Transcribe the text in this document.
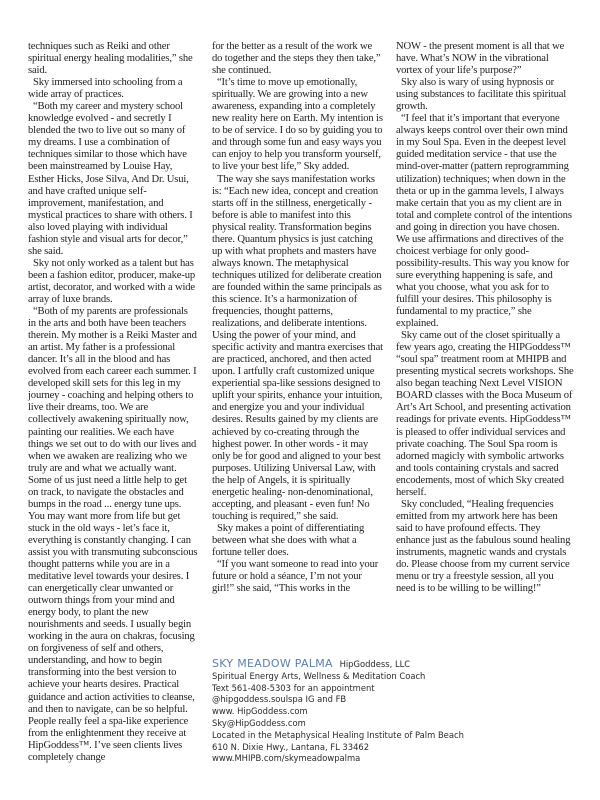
techniques such as Reiki and other spiritual energy healing modalities,” she said.

Sky immersed into schooling from a wide array of practices.

“Both my career and mystery school knowledge evolved - and secretly I blended the two to live out so many of my dreams. I use a combination of techniques similar to those which have been mainstreamed by Louise Hay, Esther Hicks, Jose Silva, And Dr. Usui, and have crafted unique self-improvement, manifestation, and mystical practices to share with others. I also loved playing with individual fashion style and visual arts for decor,” she said.

Sky not only worked as a talent but has been a fashion editor, producer, make-up artist, decorator, and worked with a wide array of luxe brands.

“Both of my parents are professionals in the arts and both have been teachers therein. My mother is a Reiki Master and an artist. My father is a professional dancer. It’s all in the blood and has evolved from each career each summer. I developed skill sets for this leg in my journey - coaching and helping others to live their dreams, too. We are collectively awakening spiritually now, painting our realities. We each have things we set out to do with our lives and when we awaken are realizing who we truly are and what we actually want. Some of us just need a little help to get on track, to navigate the obstacles and bumps in the road ... energy tune ups. You may want more from life but get stuck in the old ways - let’s face it, everything is constantly changing. I can assist you with transmuting subconscious thought patterns while you are in a meditative level towards your desires. I can energetically clear unwanted or outworn things from your mind and energy body, to plant the new nourishments and seeds. I usually begin working in the aura on chakras, focusing on forgiveness of self and others, understanding, and how to begin transforming into the best version to achieve your hearts desires. Practical guidance and action activities to cleanse, and then to navigate, can be so helpful. People really feel a spa-like experience from the enlightenment they receive at HipGoddess™. I’ve seen clients lives completely change

for the better as a result of the work we do together and the steps they then take,” she continued.

“It’s time to move up emotionally, spiritually. We are growing into a new awareness, expanding into a completely new reality here on Earth. My intention is to be of service. I do so by guiding you to and through some fun and easy ways you can enjoy to help you transform yourself, to live your best life,” Sky added.

The way she says manifestation works is: “Each new idea, concept and creation starts off in the stillness, energetically - before is able to manifest into this physical reality. Transformation begins there. Quantum physics is just catching up with what prophets and masters have always known. The metaphysical techniques utilized for deliberate creation are founded within the same principals as this science. It’s a harmonization of frequencies, thought patterns, realizations, and deliberate intentions. Using the power of your mind, and specific activity and mantra exercises that are practiced, anchored, and then acted upon. I artfully craft customized unique experiential spa-like sessions designed to uplift your spirits, enhance your intuition, and energize you and your individual desires. Results gained by my clients are achieved by co-creating through the highest power. In other words - it may only be for good and aligned to your best purposes. Utilizing Universal Law, with the help of Angels, it is spiritually energetic healing- non-denominational, accepting, and pleasant - even fun! No touching is required,” she said.

Sky makes a point of differentiating between what she does with what a fortune teller does.

“If you want someone to read into your future or hold a séance, I’m not your girl!” she said, “This works in the

NOW - the present moment is all that we have. What’s NOW in the vibrational vortex of your life’s purpose?”

Sky also is wary of using hypnosis or using substances to facilitate this spiritual growth.

“I feel that it’s important that everyone always keeps control over their own mind in my Soul Spa. Even in the deepest level guided meditation service - that use the mind-over-matter (pattern reprogramming utilization) techniques; when down in the theta or up in the gamma levels, I always make certain that you as my client are in total and complete control of the intentions and going in direction you have chosen. We use affirmations and directives of the choicest verbiage for only good-possibility-results. This way you know for sure everything happening is safe, and what you choose, what you ask for to fulfill your desires. This philosophy is fundamental to my practice,” she explained.

Sky came out of the closet spiritually a few years ago, creating the HIPGoddess™ “soul spa” treatment room at MHIPB and presenting mystical secrets workshops. She also began teaching Next Level VISION BOARD classes with the Boca Museum of Art’s Art School, and presenting activation readings for private events. HipGoddess™ is pleased to offer individual services and private coaching. The Soul Spa room is adorned magicly with symbolic artworks and tools containing crystals and sacred encodements, most of which Sky created herself.

Sky concluded, “Healing frequencies emitted from my artwork here has been said to have profound effects. They enhance just as the fabulous sound healing instruments, magnetic wands and crystals do. Please choose from my current service menu or try a freestyle session, all you need is to be willing to be willing!”

SKY MEADOW PALMA HipGoddess, LLC
Spiritual Energy Arts, Wellness & Meditation Coach
Text 561-408-5303 for an appointment
@hipgoddess.soulspa IG and FB
www. HipGoddess.com
Sky@HipGoddess.com
Located in the Metaphysical Healing Institute of Palm Beach
610 N. Dixie Hwy., Lantana, FL 33462
www.MHIPB.com/skymeadowpalma
